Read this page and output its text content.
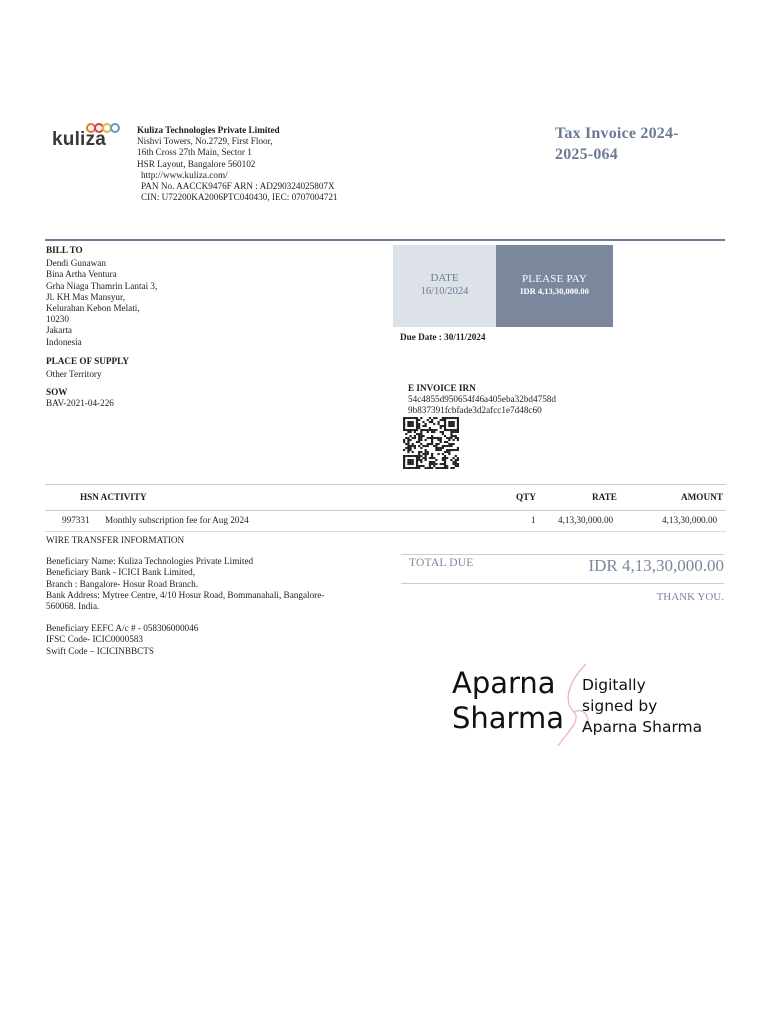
kuliza	Kuliza Technologies Private Limited
Nishvi Towers, No.2729, First Floor,
16th Cross 27th Main, Sector 1
HSR Layout, Bangalore 560102
http://www.kuliza.com/
PAN No. AACCK9476F ARN : AD290324025807X
CIN: U72200KA2006PTC040430, IEC: 0707004721
Tax Invoice 2024-
2025-064
BILL TO
Dendi Gunawan
Bina Artha Ventura
Grha Niaga Thamrin Lantai 3,
Jl. KH Mas Mansyur,
Kelurahan Kebon Melati,
10230
Jakarta
Indonesia
PLACE OF SUPPLY
Other Territory
SOW
BAV-2021-04-226
DATE
16/10/2024
PLEASE PAY
IDR 4,13,30,000.00
Due Date : 30/11/2024
E INVOICE IRN
54c4855d950654f46a405eba32bd4758d
9b837391fcbfade3d2afcc1e7d48c60
HSN ACTIVITY	QTY	RATE	AMOUNT
997331 Monthly subscription fee for Aug 2024	1 4,13,30,000.00	4,13,30,000.00
WIRE TRANSFER INFORMATION
Beneficiary Name: Kuliza Technologies Private Limited
Beneficiary Bank - ICICI Bank Limited,
Branch : Bangalore- Hosur Road Branch.
Bank Address: Mytree Centre, 4/10 Hosur Road, Bommanahali, Bangalore-
560068. India.
Beneficiary EEFC A/c # - 058306000046
IFSC Code- ICIC0000583
Swift Code – ICICINBBCTS
TOTAL DUE	IDR 4,13,30,000.00
THANK YOU.
Aparna
Sharma
Digitally
signed by
Aparna Sharma
